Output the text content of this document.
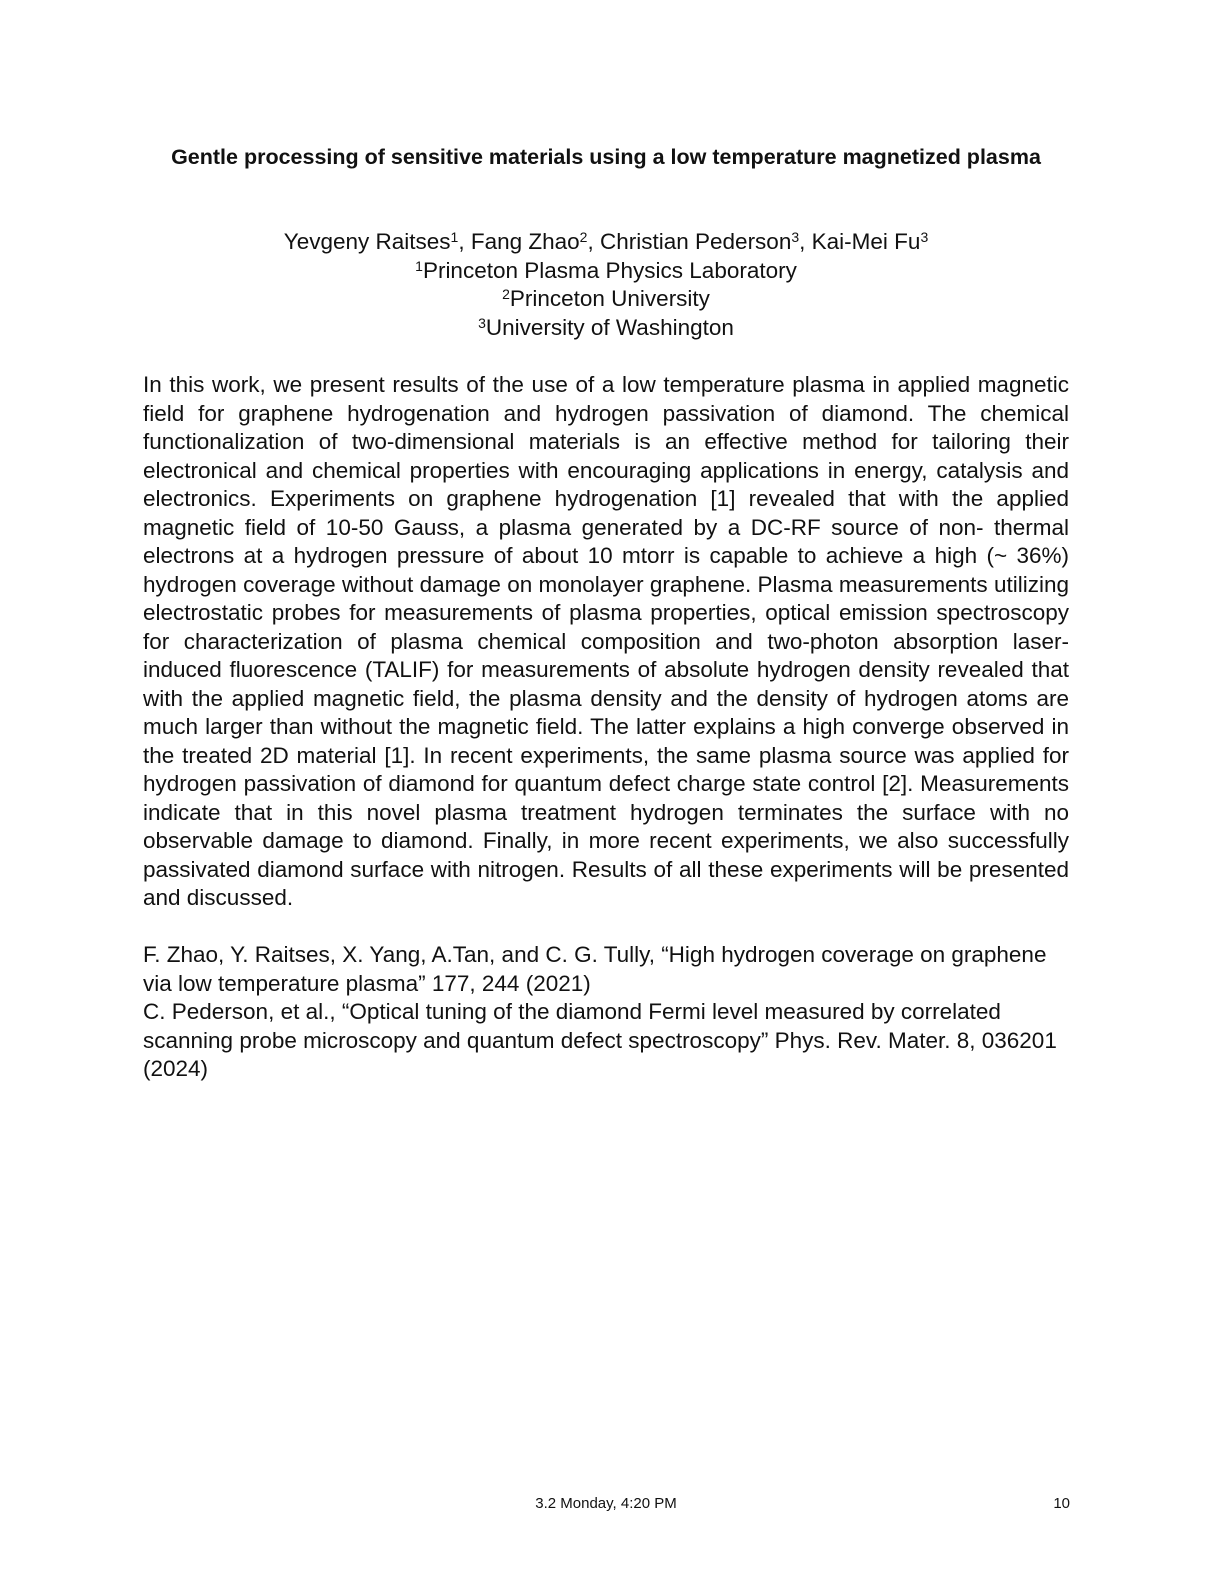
Gentle processing of sensitive materials using a low temperature magnetized plasma
Yevgeny Raitses$^1$, Fang Zhao$^2$, Christian Pederson$^3$, Kai-Mei Fu$^3$
$^1$Princeton Plasma Physics Laboratory
$^2$Princeton University
$^3$University of Washington

In this work, we present results of the use of a low temperature plasma in applied magnetic field for graphene hydrogenation and hydrogen passivation of diamond. The chemical functionalization of two-dimensional materials is an effective method for tailoring their electronical and chemical properties with encouraging applications in energy, catalysis and electronics. Experiments on graphene hydrogenation [1] revealed that with the applied magnetic field of 10-50 Gauss, a plasma generated by a DC-RF source of non- thermal electrons at a hydrogen pressure of about 10 mtorr is capable to achieve a high (~ 36%) hydrogen coverage without damage on monolayer graphene. Plasma measurements utilizing electrostatic probes for measurements of plasma properties, optical emission spectroscopy for characterization of plasma chemical composition and two-photon absorption laser-induced fluorescence (TALIF) for measurements of absolute hydrogen density revealed that with the applied magnetic field, the plasma density and the density of hydrogen atoms are much larger than without the magnetic field. The latter explains a high converge observed in the treated 2D material [1]. In recent experiments, the same plasma source was applied for hydrogen passivation of diamond for quantum defect charge state control [2]. Measurements indicate that in this novel plasma treatment hydrogen terminates the surface with no observable damage to diamond. Finally, in more recent experiments, we also successfully passivated diamond surface with nitrogen. Results of all these experiments will be presented and discussed.

F. Zhao, Y. Raitses, X. Yang, A.Tan, and C. G. Tully, “High hydrogen coverage on graphene via low temperature plasma” 177, 244 (2021)
C. Pederson, et al., “Optical tuning of the diamond Fermi level measured by correlated scanning probe microscopy and quantum defect spectroscopy” Phys. Rev. Mater. 8, 036201 (2024)
3.2 Monday, 4:20 PM	10
